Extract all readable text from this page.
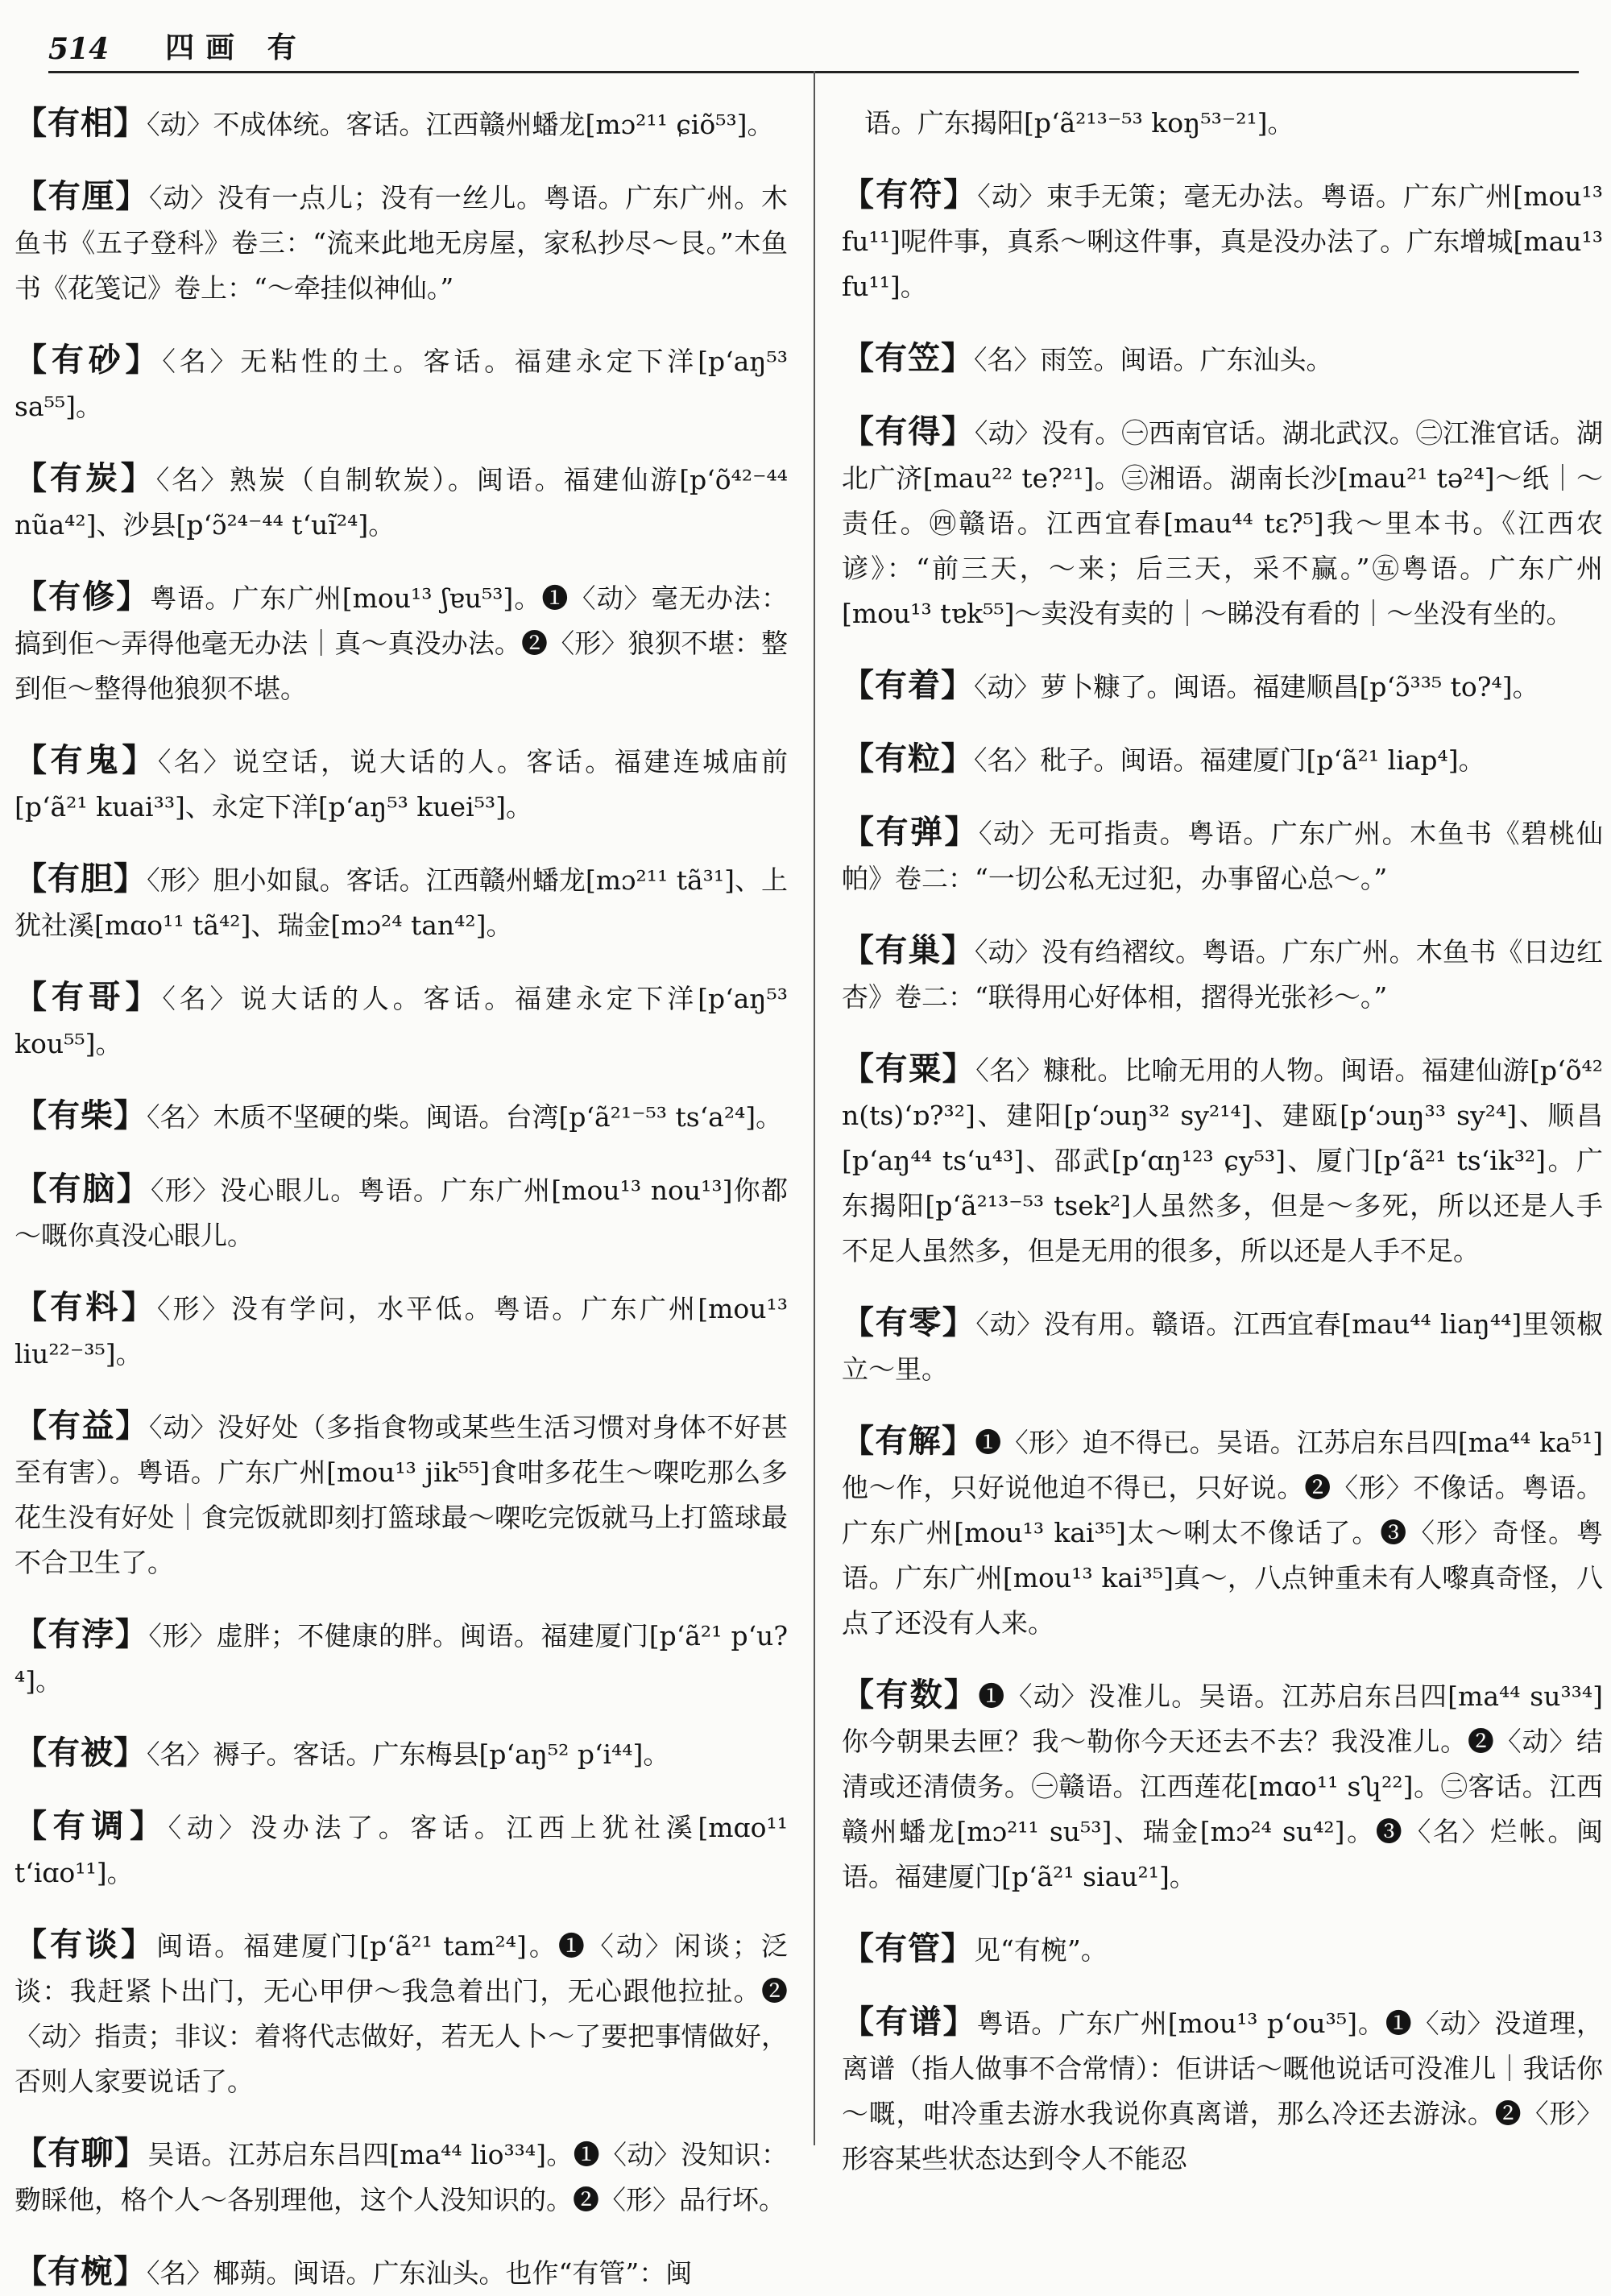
514 四画 有

【有相】〈动〉不成体统。客话。江西赣州蟠龙[mɔ²¹¹ ɕiõ⁵³]。

【有厘】〈动〉没有一点儿；没有一丝儿。粤语。广东广州。木鱼书《五子登科》卷三：“流来此地无房屋，家私抄尽～艮。”木鱼书《花笺记》卷上：“～牵挂似神仙。”

【有砂】〈名〉无粘性的土。客话。福建永定下洋[pʻaŋ⁵³ sa⁵⁵]。

【有炭】〈名〉熟炭（自制软炭）。闽语。福建仙游[pʻõ⁴²⁻⁴⁴ nũa⁴²]、沙县[pʻɔ̃²⁴⁻⁴⁴ tʻuĩ²⁴]。

【有修】粤语。广东广州[mou¹³ ʃɐu⁵³]。❶〈动〉毫无办法：搞到佢～弄得他毫无办法｜真～真没办法。❷〈形〉狼狈不堪：整到佢～整得他狼狈不堪。

【有鬼】〈名〉说空话，说大话的人。客话。福建连城庙前[pʻã²¹ kuai³³]、永定下洋[pʻaŋ⁵³ kuei⁵³]。

【有胆】〈形〉胆小如鼠。客话。江西赣州蟠龙[mɔ²¹¹ tã³¹]、上犹社溪[mɑo¹¹ tã⁴²]、瑞金[mɔ²⁴ tan⁴²]。

【有哥】〈名〉说大话的人。客话。福建永定下洋[pʻaŋ⁵³ kou⁵⁵]。

【有柴】〈名〉木质不坚硬的柴。闽语。台湾[pʻã²¹⁻⁵³ tsʻa²⁴]。

【有脑】〈形〉没心眼儿。粤语。广东广州[mou¹³ nou¹³]你都～嘅你真没心眼儿。

【有料】〈形〉没有学问，水平低。粤语。广东广州[mou¹³ liu²²⁻³⁵]。

【有益】〈动〉没好处（多指食物或某些生活习惯对身体不好甚至有害）。粤语。广东广州[mou¹³ jik⁵⁵]食咁多花生～㗎吃那么多花生没有好处｜食完饭就即刻打篮球最～㗎吃完饭就马上打篮球最不合卫生了。

【有浡】〈形〉虚胖；不健康的胖。闽语。福建厦门[pʻã²¹ pʻu?⁴]。

【有被】〈名〉褥子。客话。广东梅县[pʻaŋ⁵² pʻi⁴⁴]。

【有调】〈动〉没办法了。客话。江西上犹社溪[mɑo¹¹ tʻiɑo¹¹]。

【有谈】闽语。福建厦门[pʻã²¹ tam²⁴]。❶〈动〉闲谈；泛谈：我赶紧卜出门，无心甲伊～我急着出门，无心跟他拉扯。❷〈动〉指责；非议：着将代志做好，若无人卜～了要把事情做好，否则人家要说话了。

【有聊】吴语。江苏启东吕四[ma⁴⁴ lio³³⁴]。❶〈动〉没知识：覅睬他，格个人～各别理他，这个人没知识的。❷〈形〉品行坏。

【有椀】〈名〉椰蒴。闽语。广东汕头。也作“有管”：闽

语。广东揭阳[pʻã²¹³⁻⁵³ koŋ⁵³⁻²¹]。

【有符】〈动〉束手无策；毫无办法。粤语。广东广州[mou¹³ fu¹¹]呢件事，真系～唎这件事，真是没办法了。广东增城[mau¹³ fu¹¹]。

【有笠】〈名〉雨笠。闽语。广东汕头。

【有得】〈动〉没有。㊀西南官话。湖北武汉。㊁江淮官话。湖北广济[mau²² te?²¹]。㊂湘语。湖南长沙[mau²¹ tə²⁴]～纸｜～责任。㊃赣语。江西宜春[mau⁴⁴ tɛ?⁵]我～里本书。《江西农谚》：“前三天，～来；后三天，采不赢。”㊄粤语。广东广州[mou¹³ tɐk⁵⁵]～卖没有卖的｜～睇没有看的｜～坐没有坐的。

【有着】〈动〉萝卜糠了。闽语。福建顺昌[pʻɔ̃³³⁵ to?⁴]。

【有粒】〈名〉秕子。闽语。福建厦门[pʻã²¹ liap⁴]。

【有弹】〈动〉无可指责。粤语。广东广州。木鱼书《碧桃仙帕》卷二：“一切公私无过犯，办事留心总～。”

【有巢】〈动〉没有绉褶纹。粤语。广东广州。木鱼书《日边红杏》卷二：“联得用心好体相，摺得光张衫～。”

【有粟】〈名〉糠秕。比喻无用的人物。闽语。福建仙游[pʻõ⁴² n(ts)ʻɒ?³²]、建阳[pʻɔuŋ³² sy²¹⁴]、建瓯[pʻɔuŋ³³ sy²⁴]、顺昌[pʻaŋ⁴⁴ tsʻu⁴³]、邵武[pʻɑŋ¹²³ ɕy⁵³]、厦门[pʻã²¹ tsʻik³²]。广东揭阳[pʻã²¹³⁻⁵³ tsek²]人虽然多，但是～多死，所以还是人手不足人虽然多，但是无用的很多，所以还是人手不足。

【有零】〈动〉没有用。赣语。江西宜春[mau⁴⁴ liaŋ⁴⁴]里领椒立～里。

【有解】❶〈形〉迫不得已。吴语。江苏启东吕四[ma⁴⁴ ka⁵¹]他～作，只好说他迫不得已，只好说。❷〈形〉不像话。粤语。广东广州[mou¹³ kai³⁵]太～唎太不像话了。❸〈形〉奇怪。粤语。广东广州[mou¹³ kai³⁵]真～，八点钟重未有人嚟真奇怪，八点了还没有人来。

【有数】❶〈动〉没准儿。吴语。江苏启东吕四[ma⁴⁴ su³³⁴]你今朝果去匣？我～勒你今天还去不去？我没准儿。❷〈动〉结清或还清债务。㊀赣语。江西莲花[mɑo¹¹ sʮ²²]。㊁客话。江西赣州蟠龙[mɔ²¹¹ su⁵³]、瑞金[mɔ²⁴ su⁴²]。❸〈名〉烂帐。闽语。福建厦门[pʻã²¹ siau²¹]。

【有管】见“有椀”。

【有谱】粤语。广东广州[mou¹³ pʻou³⁵]。❶〈动〉没道理，离谱（指人做事不合常情）：佢讲话～嘅他说话可没准儿｜我话你～嘅，咁冷重去游水我说你真离谱，那么冷还去游泳。❷〈形〉形容某些状态达到令人不能忍
